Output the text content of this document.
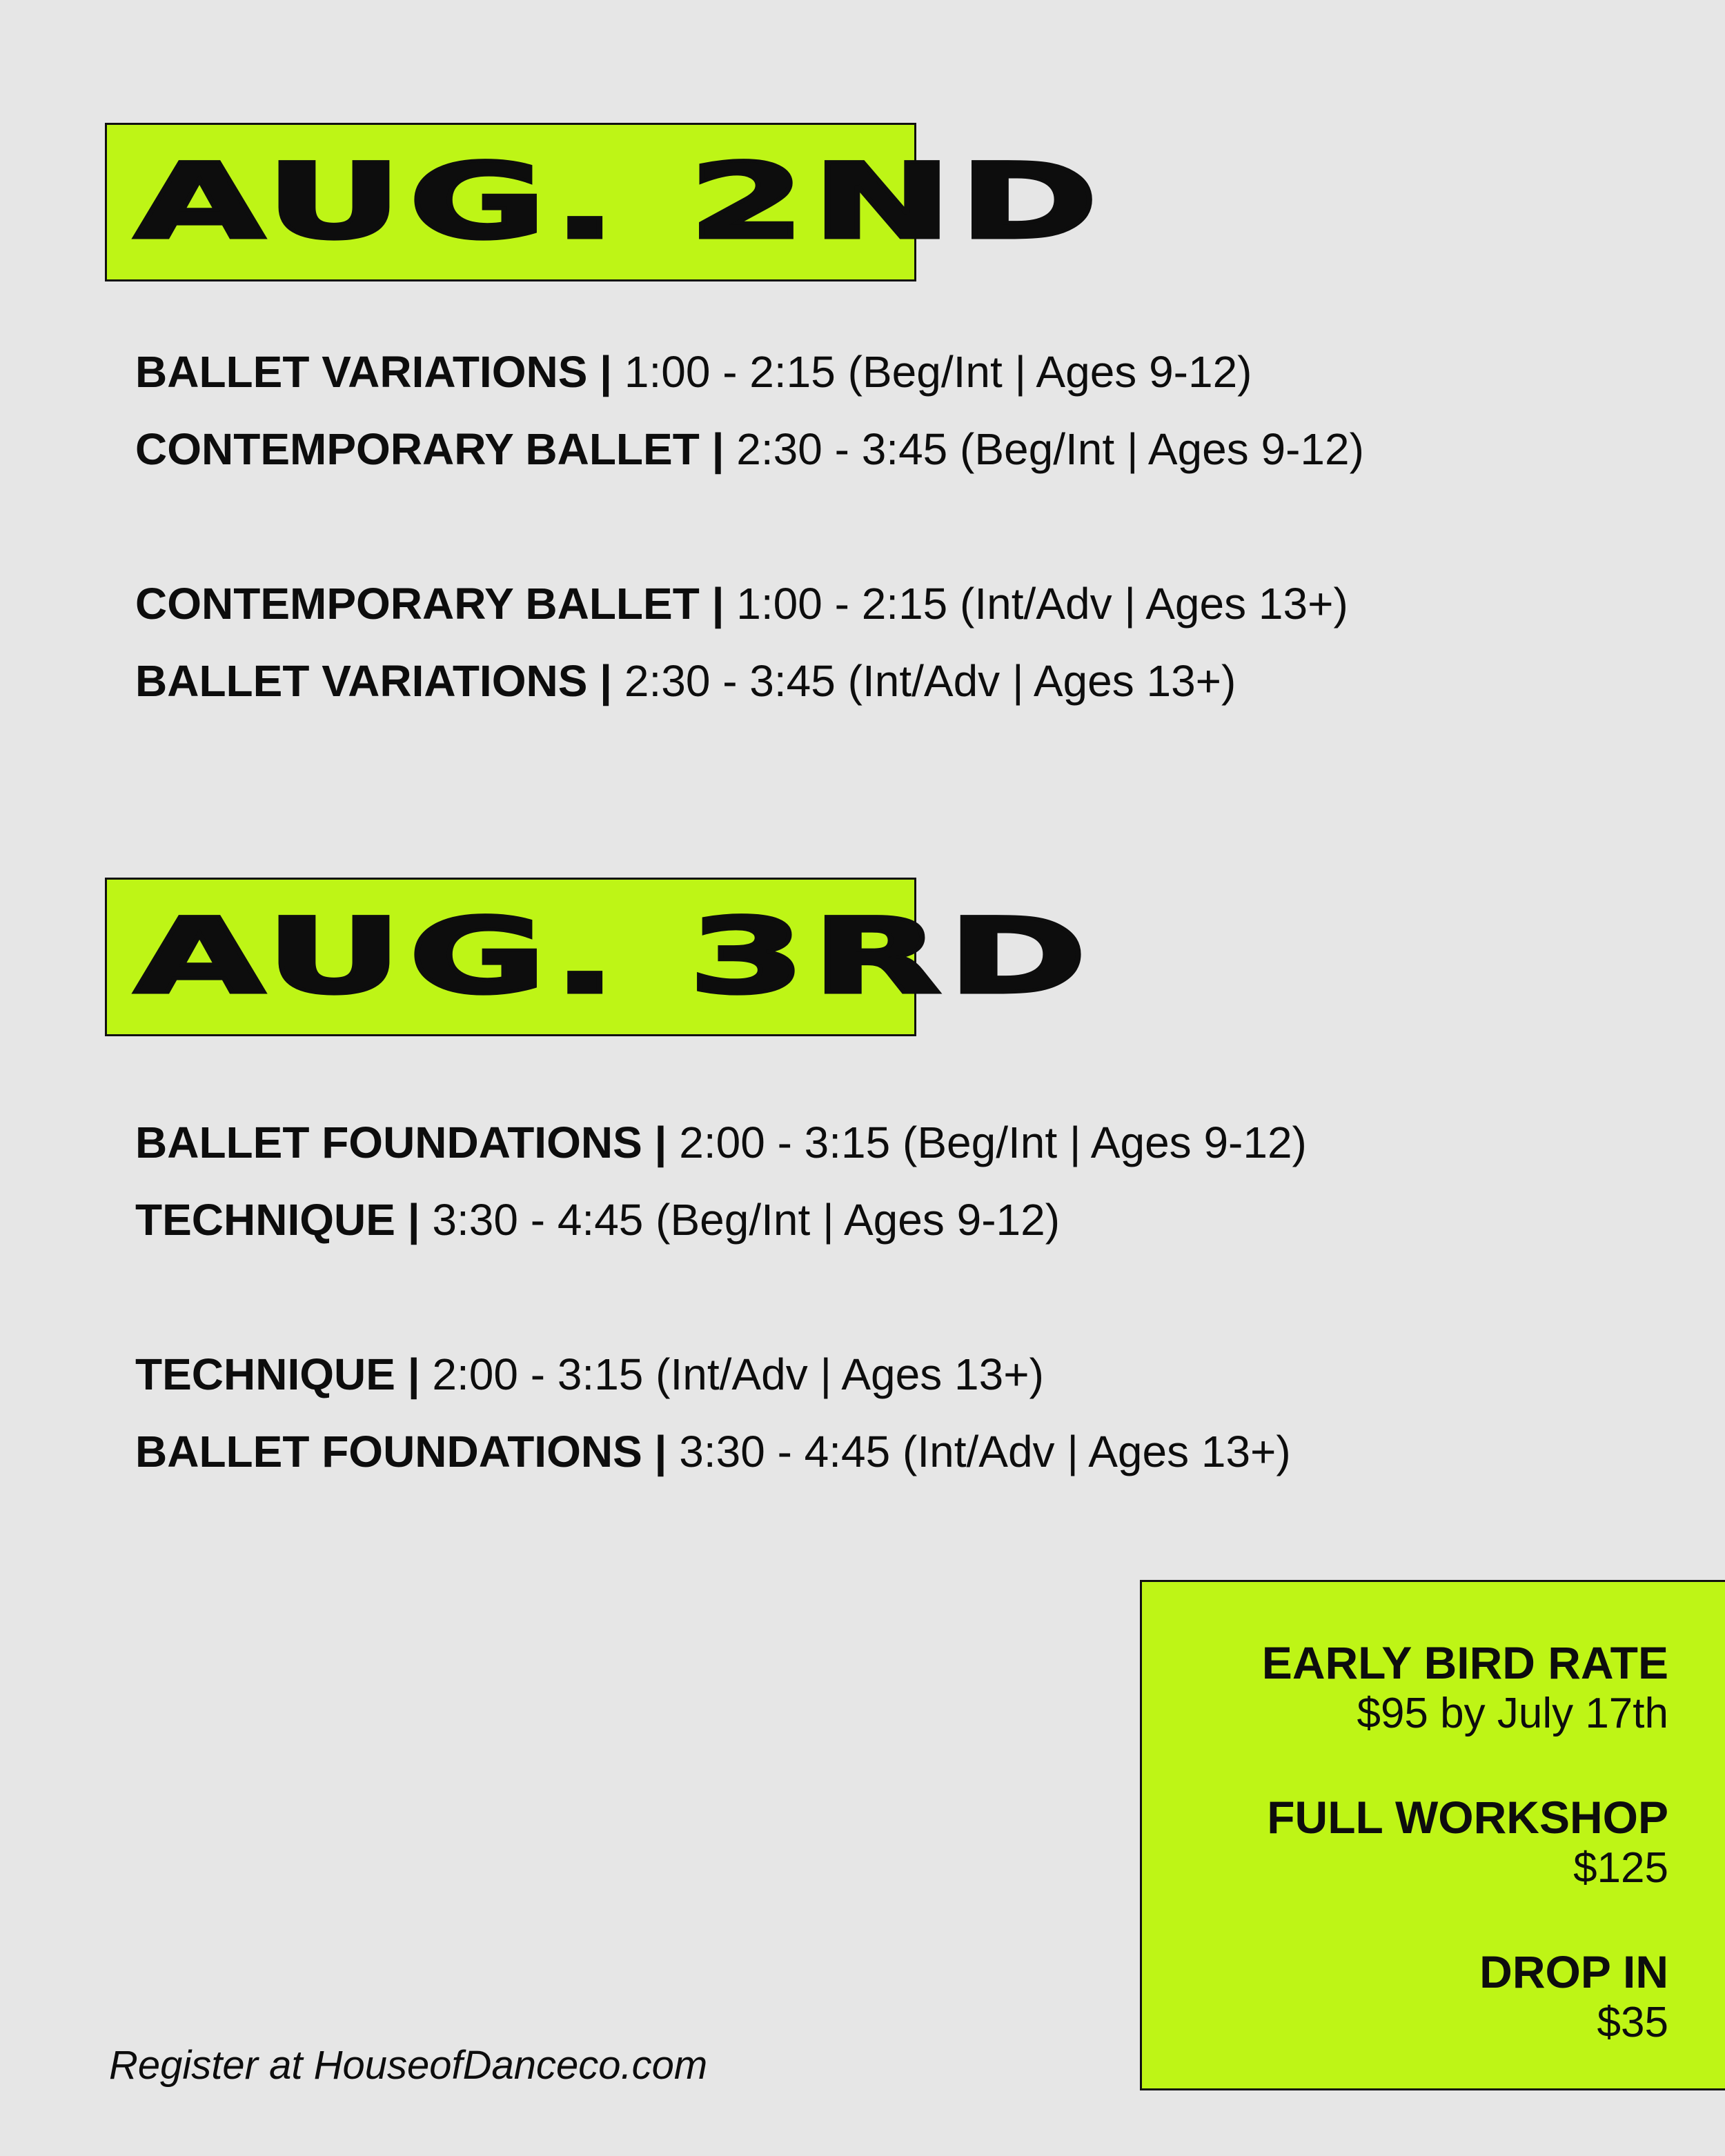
AUG. 2ND
BALLET VARIATIONS | 1:00 - 2:15 (Beg/Int | Ages 9-12)
CONTEMPORARY BALLET | 2:30 - 3:45 (Beg/Int | Ages 9-12)
CONTEMPORARY BALLET | 1:00 - 2:15 (Int/Adv | Ages 13+)
BALLET VARIATIONS | 2:30 - 3:45 (Int/Adv | Ages 13+)
AUG. 3RD
BALLET FOUNDATIONS | 2:00 - 3:15 (Beg/Int | Ages 9-12)
TECHNIQUE | 3:30 - 4:45 (Beg/Int | Ages 9-12)
TECHNIQUE | 2:00 - 3:15 (Int/Adv | Ages 13+)
BALLET FOUNDATIONS | 3:30 - 4:45 (Int/Adv | Ages 13+)
EARLY BIRD RATE
$95 by July 17th
FULL WORKSHOP
$125
DROP IN
$35
Register at HouseofDanceco.com
